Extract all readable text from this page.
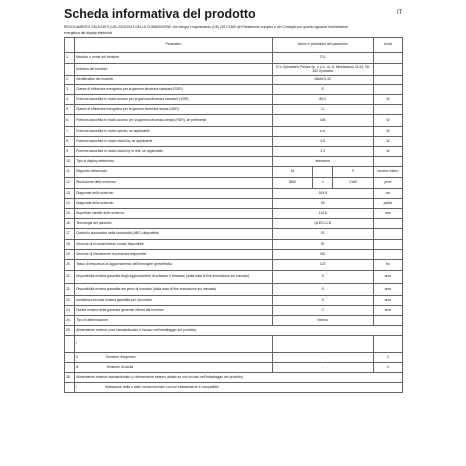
Scheda informativa del prodotto	IT
REGOLAMENTO DELEGATO (UE) 2019/2013 DELLA COMMISSIONE che integra il regolamento (UE) 2017/1369 del Parlamento europeo e del Consiglio per quanto riguarda l'etichettatura energetica dei display elettronici
	Parametro	Valore e precisione del parametro			Unità
1.	Marchio o nome del fornitore	TCL			
	Indirizzo del fornitore	TCL Operations Polska Sp. z o.o., ul. A. Mickiewicza 31/41, 96-300 Żyrardów			
2.	Identificativo del modello	65MA7L43			
3.	Classe di efficienza energetica per la gamma dinamica standard (SDR)	E			
4.	Potenza assorbita in modo acceso per la gamma dinamica standard (SDR)	85,0			W
5.	Classe di efficienza energetica per la gamma dinamica ampia (HDR)	G			
6.	Potenza assorbita in modo acceso per la gamma dinamica ampia (HDR), se pertinente	166			W
7.	Potenza assorbita in modo spento, se applicabile	n.a.			W
8.	Potenza assorbita in modo stand-by, se applicabile	0,5			W
9.	Potenza assorbita in modo stand-by in rete, se applicabile	2,0			W
10.	Tipo di display elettronico	televisore			
11.	Rapporto dimensioni	16	:	9	numero intero
12.	Risoluzione dello schermo	3840	x	2160	pixel
13.	Diagonale dello schermo	163,9			cm
14.	Diagonale dello schermo	65			pollici
15.	Superficie visibile dello schermo	114,8			dm²
16.	Tecnologia del pannello	QLED LCD			
17.	Controllo automatico della luminosità (ABC) disponibile	SI			
18.	Sensore di riconoscimento vocale disponibile	SI			
19.	Sensore di rilevamento di presenza disponibile	NO			
20.	Tasso di frequenza di aggiornamento dell'immagine (predefinito)	120			Hz
21.	Disponibilità minima garantita degli aggiornamenti di software e firmware (dalla data di fine immissione sul mercato)	8			anni
22.	Disponibilità minima garantita dei pezzi di ricambio (dalla data di fine immissione sul mercato)	8			anni
23.	Assistenza tecnica minima garantita per il prodotto	8			anni
24.	Durata minima della garanzia generale offerta dal fornitore	2			anni
24.	Tipo di alimentazione	Interno			
25.	Alimentatore esterno (non standardizzato e incluso nell'imballaggio del prodotto)				
	i				
	ii Tensione d'ingresso	-			V
	iii Tensione di uscita	-			V
26.	Alimentatore esterno standardizzato (o alimentatore esterno adatto se non incluso nell'imballaggio del prodotto)				
	i Indicazione della o delle norme tecniche con cui l'alimentatore è compatibile				
